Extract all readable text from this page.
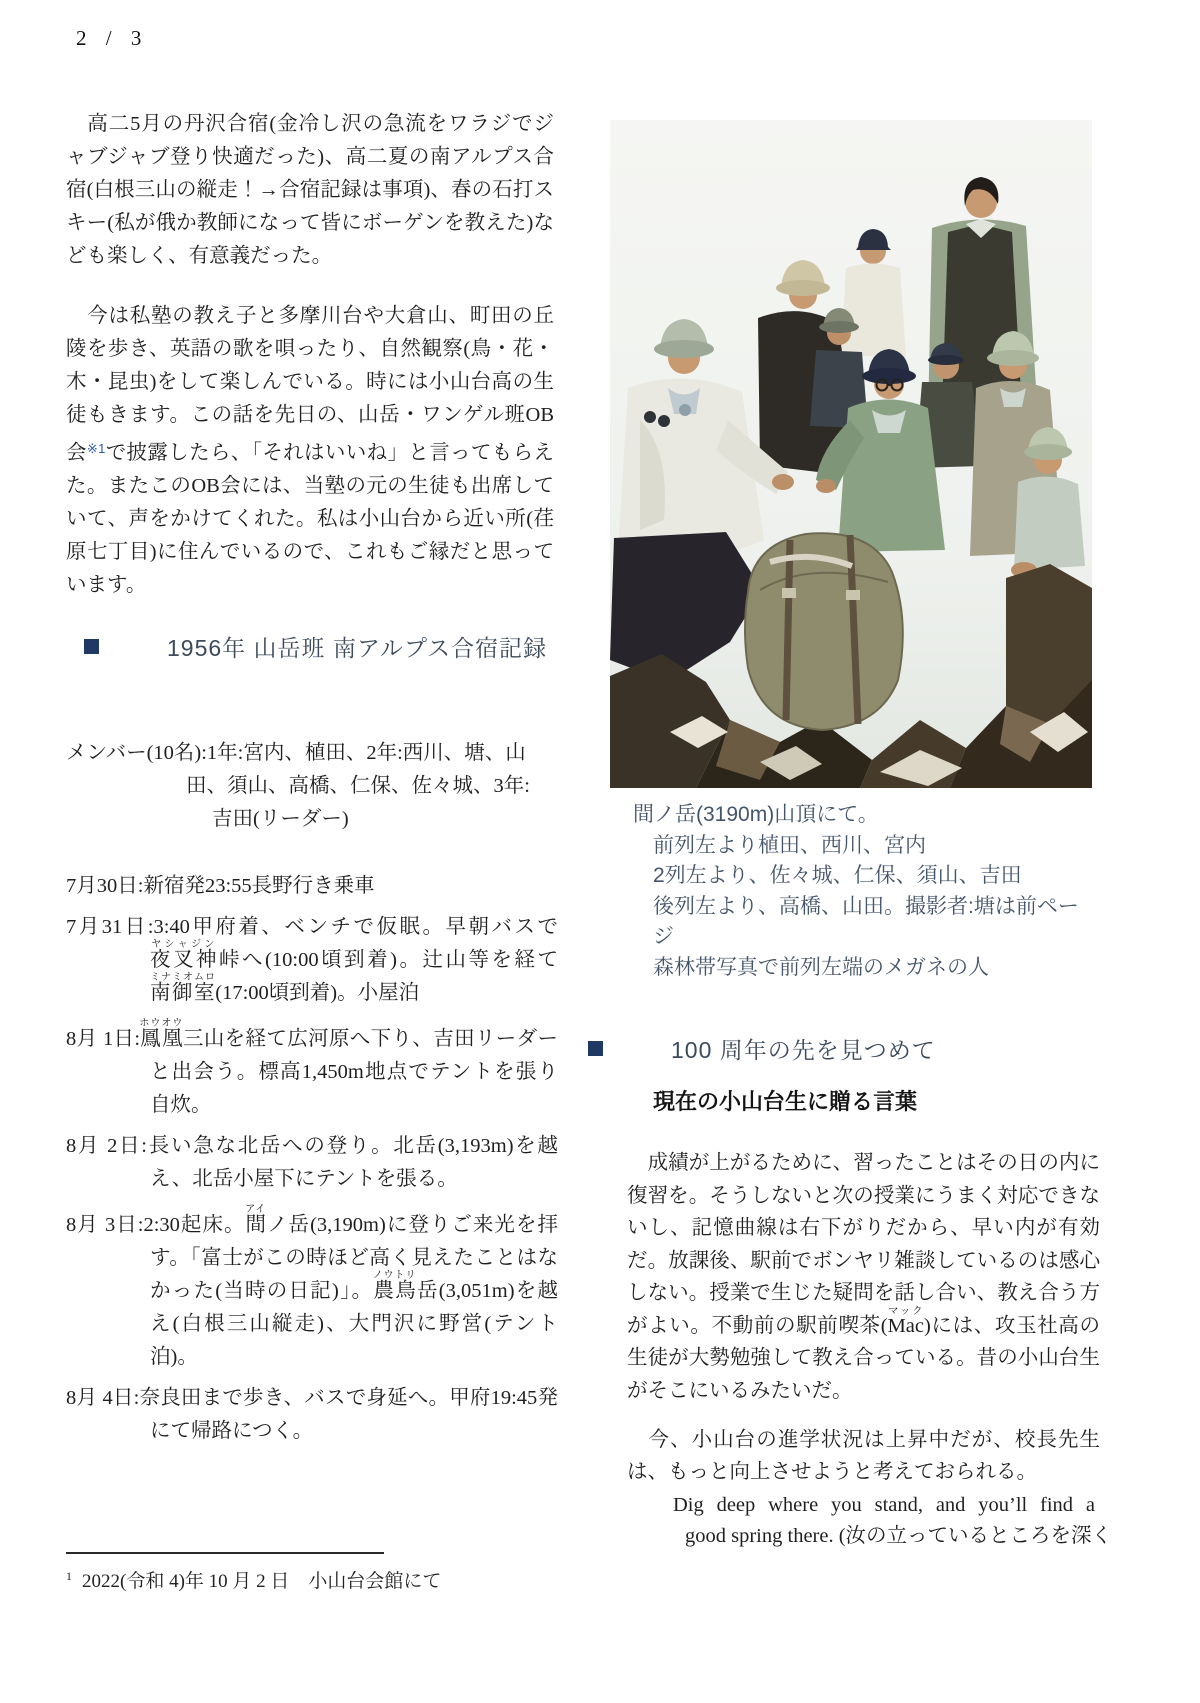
2 / 3
　高二5月の丹沢合宿(金冷し沢の急流をワラジでジャブジャブ登り快適だった)、高二夏の南アルプス合宿(白根三山の縦走！→合宿記録は事項)、春の石打スキー(私が俄か教師になって皆にボーゲンを教えた)なども楽しく、有意義だった。
　今は私塾の教え子と多摩川台や大倉山、町田の丘陵を歩き、英語の歌を唄ったり、自然観察(鳥・花・木・昆虫)をして楽しんでいる。時には小山台高の生徒もきます。この話を先日の、山岳・ワンゲル班OB会$^{※1}$で披露したら、「それはいいね」と言ってもらえた。またこのOB会には、当塾の元の生徒も出席していて、声をかけてくれた。私は小山台から近い所(荏原七丁目)に住んでいるので、これもご縁だと思っています。
1956年 山岳班 南アルプス合宿記録
メンバー(10名):1年:宮内、植田、2年:西川、塘、山
田、須山、高橋、仁保、佐々城、3年:
吉田(リーダー)
7月30日:新宿発23:55長野行き乗車
7月31日:3:40甲府着、ベンチで仮眠。早朝バスで夜叉神ヤシャジン峠へ(10:00頃到着)。辻山等を経て南御室ミナミオムロ(17:00頃到着)。小屋泊
8月 1日:鳳凰ホウオウ三山を経て広河原へ下り、吉田リーダーと出会う。標高1,450m地点でテントを張り自炊。
8月 2日:長い急な北岳への登り。北岳(3,193m)を越え、北岳小屋下にテントを張る。
8月 3日:2:30起床。間アイノ岳(3,190m)に登りご来光を拝す。「富士がこの時ほど高く見えたことはなかった(当時の日記)」。農鳥ノウトリ岳(3,051m)を越え(白根三山縦走)、大門沢に野営(テント泊)。
8月 4日:奈良田まで歩き、バスで身延へ。甲府19:45発にて帰路につく。
$^1$ 2022(令和 4)年 10 月 2 日　小山台会館にて
間ノ岳(3190m)山頂にて。
前列左より植田、西川、宮内
2列左より、佐々城、仁保、須山、吉田
後列左より、高橋、山田。撮影者:塘は前ページ
森林帯写真で前列左端のメガネの人
100 周年の先を見つめて
現在の小山台生に贈る言葉
　成績が上がるために、習ったことはその日の内に復習を。そうしないと次の授業にうまく対応できないし、記憶曲線は右下がりだから、早い内が有効だ。放課後、駅前でボンヤリ雑談しているのは感心しない。授業で生じた疑問を話し合い、教え合う方がよい。不動前の駅前喫茶(Macマック)には、攻玉社高の生徒が大勢勉強して教え合っている。昔の小山台生がそこにいるみたいだ。
　今、小山台の進学状況は上昇中だが、校長先生は、もっと向上させようと考えておられる。
Dig deep where you stand, and you’ll find a
good spring there. (汝の立っているところを深く
